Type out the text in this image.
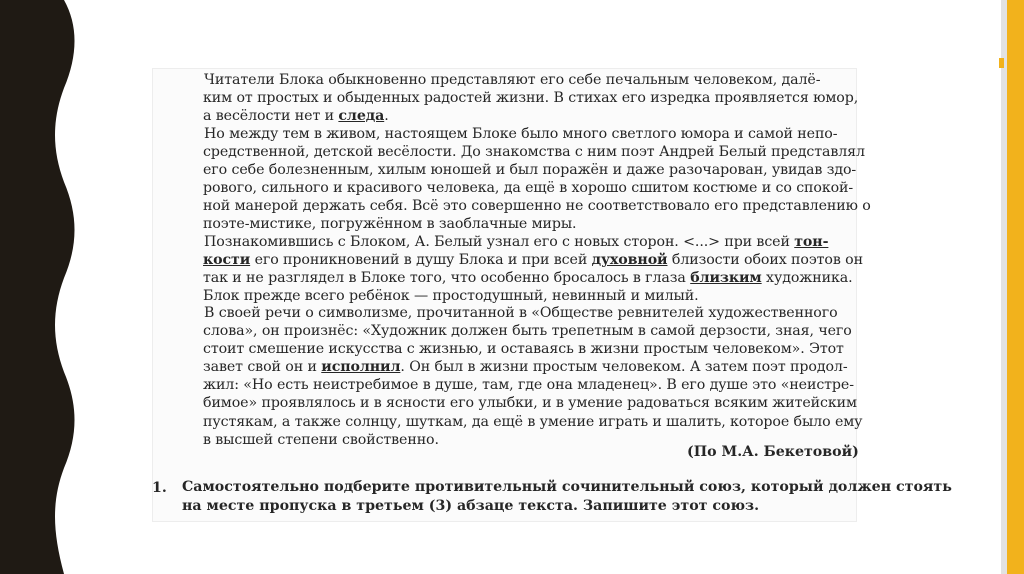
Читатели Блока обыкновенно представляют его себе печальным человеком, далё-
ким от простых и обыденных радостей жизни. В стихах его изредка проявляется юмор,
а весёлости нет и следа.

Но между тем в живом, настоящем Блоке было много светлого юмора и самой непо-
средственной, детской весёлости. До знакомства с ним поэт Андрей Белый представлял
его себе болезненным, хилым юношей и был поражён и даже разочарован, увидав здо-
рового, сильного и красивого человека, да ещё в хорошо сшитом костюме и со спокой-
ной манерой держать себя. Всё это совершенно не соответствовало его представлению о
поэте-мистике, погружённом в заоблачные миры.

Познакомившись с Блоком, А. Белый узнал его с новых сторон. <...> при всей тон-
кости его проникновений в душу Блока и при всей духовной близости обоих поэтов он
так и не разглядел в Блоке того, что особенно бросалось в глаза близким художника.
Блок прежде всего ребёнок — простодушный, невинный и милый.

В своей речи о символизме, прочитанной в «Обществе ревнителей художественного
слова», он произнёс: «Художник должен быть трепетным в самой дерзости, зная, чего
стоит смешение искусства с жизнью, и оставаясь в жизни простым человеком». Этот
завет свой он и исполнил. Он был в жизни простым человеком. А затем поэт продол-
жил: «Но есть неистребимое в душе, там, где она младенец». В его душе это «неистре-
бимое» проявлялось и в ясности его улыбки, и в умение радоваться всяким житейским
пустякам, а также солнцу, шуткам, да ещё в умение играть и шалить, которое было ему
в высшей степени свойственно.

(По М.А. Бекетовой)
1. Самостоятельно подберите противительный сочинительный союз, который должен стоять
на месте пропуска в третьем (3) абзаце текста. Запишите этот союз.
